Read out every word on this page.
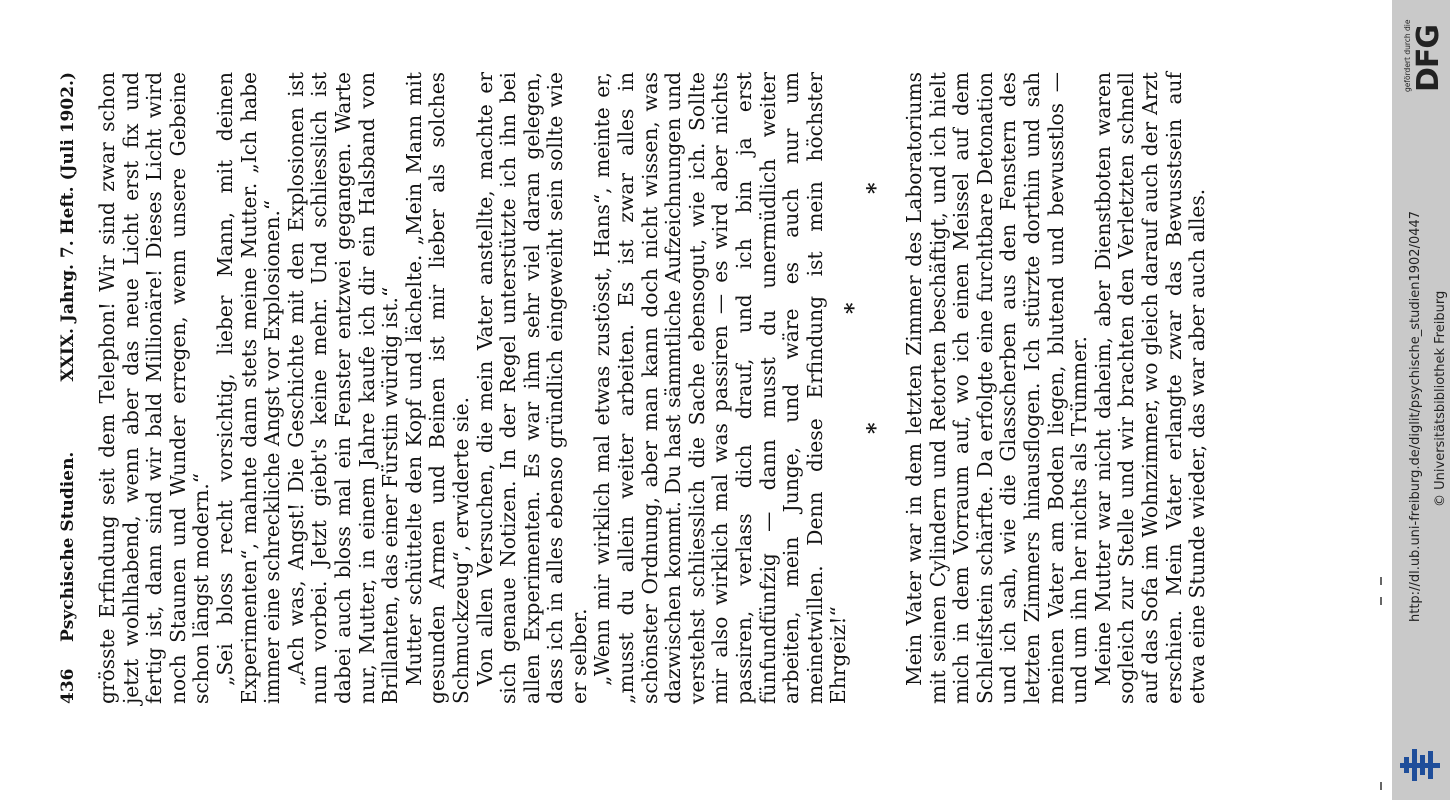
436
Psychische Studien.
XXIX. Jahrg. 7. Heft. (Juli 1902.) grösste Erfindung seit dem Telephon! Wir sind zwar schon jetzt wohlhabend, wenn aber das neue Licht erst fix und fertig ist, dann sind wir bald Millionäre! Dieses Licht wird noch Staunen und Wunder erregen, wenn unsere Gebeine schon längst modern.“ „Sei bloss recht vorsichtig, lieber Mann, mit deinen Experimenten“, mahnte dann stets meine Mutter. „Ich habe immer eine schreckliche Angst vor Explosionen.“ „Ach was, Angst! Die Geschichte mit den Explosionen ist nun vorbei. Jetzt giebt's keine mehr. Und schliesslich ist dabei auch bloss mal ein Fenster entzwei gegangen. Warte nur, Mutter, in einem Jahre kaufe ich dir ein Halsband von Brillanten, das einer Fürstin würdig ist.“ Mutter schüttelte den Kopf und lächelte. „Mein Mann mit gesunden Armen und Beinen ist mir lieber als solches Schmuckzeug“, erwiderte sie. Von allen Versuchen, die mein Vater anstellte, machte er sich genaue Notizen. In der Regel unterstützte ich ihn bei allen Experimenten. Es war ihm sehr viel daran gelegen, dass ich in alles ebenso gründlich eingeweiht sein sollte wie er selber. „Wenn mir wirklich mal etwas zustösst, Hans“, meinte er, „musst du allein weiter arbeiten. Es ist zwar alles in schönster Ordnung, aber man kann doch nicht wissen, was dazwischen kommt. Du hast sämmtliche Aufzeichnungen und verstehst schliesslich die Sache ebensogut, wie ich. Sollte mir also wirklich mal was passiren — es wird aber nichts passiren, verlass dich drauf, und ich bin ja erst fünfundfünfzig — dann musst du unermüdlich weiter arbeiten, mein Junge, und wäre es auch nur um meinetwillen. Denn diese Erfindung ist mein höchster Ehrgeiz!“
*
*
* Mein Vater war in dem letzten Zimmer des Laboratoriums mit seinen Cylindern und Retorten beschäftigt, und ich hielt mich in dem Vorraum auf, wo ich einen Meissel auf dem Schleifstein schärfte. Da erfolgte eine furchtbare Detonation und ich sah, wie die Glasscherben aus den Fenstern des letzten Zimmers hinausflogen. Ich stürzte dorthin und sah meinen Vater am Boden liegen, blutend und bewusstlos — und um ihn her nichts als Trümmer. Meine Mutter war nicht daheim, aber Dienstboten waren sogleich zur Stelle und wir brachten den Verletzten schnell auf das Sofa im Wohnzimmer, wo gleich darauf auch der Arzt erschien. Mein Vater erlangte zwar das Bewusstsein auf etwa eine Stunde wieder, das war aber auch alles.	http://dl.ub.uni-freiburg.de/diglit/psychische_studien1902/0447 © Universitätsbibliothek Freiburg
gefördert durch die DFG
